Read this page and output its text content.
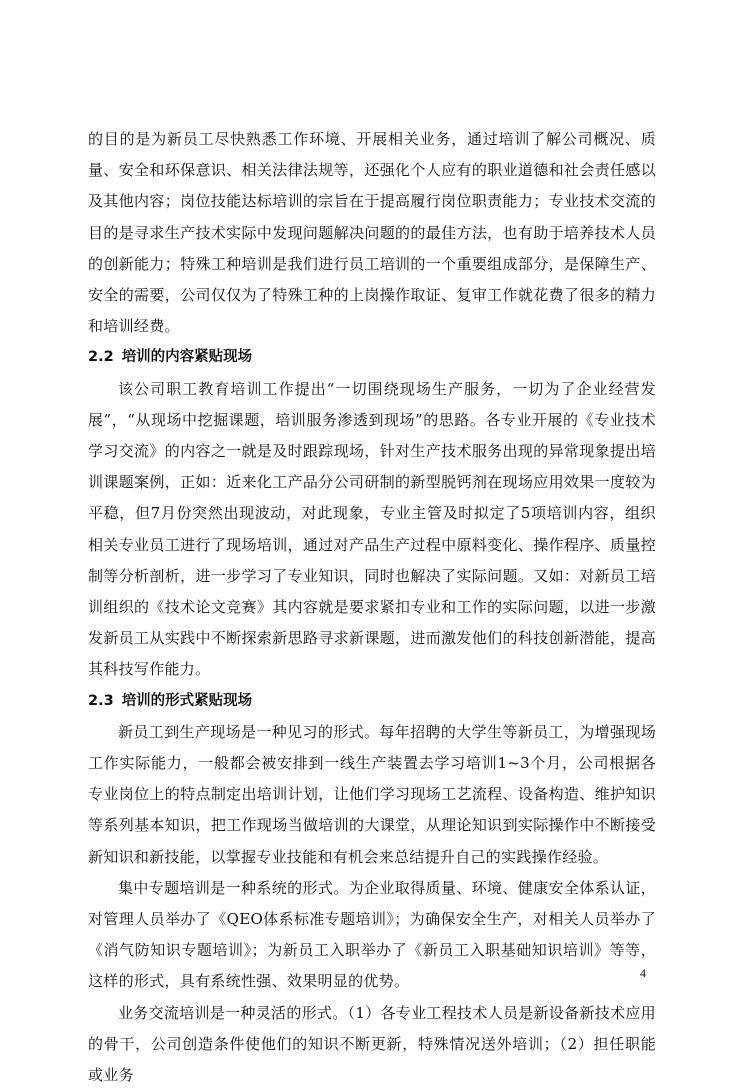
的目的是为新员工尽快熟悉工作环境、开展相关业务，通过培训了解公司概况、质量、安全和环保意识、相关法律法规等，还强化个人应有的职业道德和社会责任感以及其他内容；岗位技能达标培训的宗旨在于提高履行岗位职责能力；专业技术交流的目的是寻求生产技术实际中发现问题解决问题的的最佳方法，也有助于培养技术人员的创新能力；特殊工种培训是我们进行员工培训的一个重要组成部分，是保障生产、安全的需要，公司仅仅为了特殊工种的上岗操作取证、复审工作就花费了很多的精力和培训经费。

2.2 培训的内容紧贴现场

该公司职工教育培训工作提出“一切围绕现场生产服务，一切为了企业经营发展”，“从现场中挖掘课题，培训服务渗透到现场”的思路。各专业开展的《专业技术学习交流》的内容之一就是及时跟踪现场，针对生产技术服务出现的异常现象提出培训课题案例，正如：近来化工产品分公司研制的新型脱钙剂在现场应用效果一度较为平稳，但7月份突然出现波动，对此现象，专业主管及时拟定了5项培训内容，组织相关专业员工进行了现场培训，通过对产品生产过程中原料变化、操作程序、质量控制等分析剖析，进一步学习了专业知识，同时也解决了实际问题。又如：对新员工培训组织的《技术论文竞赛》其内容就是要求紧扣专业和工作的实际问题，以进一步激发新员工从实践中不断探索新思路寻求新课题，进而激发他们的科技创新潜能，提高其科技写作能力。

2.3 培训的形式紧贴现场

新员工到生产现场是一种见习的形式。每年招聘的大学生等新员工，为增强现场工作实际能力，一般都会被安排到一线生产装置去学习培训1~3个月，公司根据各专业岗位上的特点制定出培训计划，让他们学习现场工艺流程、设备构造、维护知识等系列基本知识，把工作现场当做培训的大课堂，从理论知识到实际操作中不断接受新知识和新技能，以掌握专业技能和有机会来总结提升自己的实践操作经验。

集中专题培训是一种系统的形式。为企业取得质量、环境、健康安全体系认证，对管理人员举办了《QEO体系标准专题培训》；为确保安全生产，对相关人员举办了《消气防知识专题培训》；为新员工入职举办了《新员工入职基础知识培训》等等，这样的形式，具有系统性强、效果明显的优势。

业务交流培训是一种灵活的形式。（1）各专业工程技术人员是新设备新技术应用的骨干，公司创造条件使他们的知识不断更新，特殊情况送外培训；（2）担任职能或业务

4
